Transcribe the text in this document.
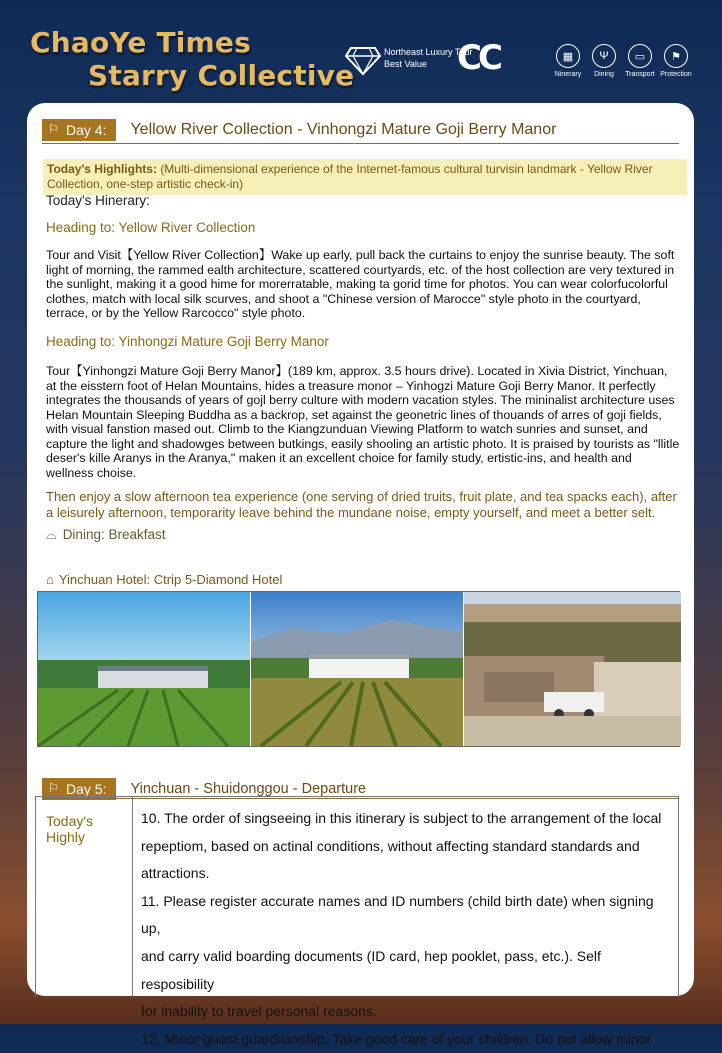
ChaoYe Times
Starry Collective
Northeast Luxury Tour
Best Value CC	▦
Ninerary
Ψ
Dining
▭
Transport
⚑
Protection
⚐ Day 4:	Yellow River Collection - Vinhongzi Mature Goji Berry Manor
Today's Highlights: (Multi-dimensional experience of the Internet-famous cultural turvisin landmark - Yellow River Collection, one-step artistic check-in)
Today's Hinerary:
Heading to: Yellow River Collection
Tour and Visit【Yellow River Collection】Wake up early, pull back the curtains to enjoy the sunrise beauty. The soft light of morning, the rammed ealth architecture, scattered courtyards, etc. of the host collection are very textured in the sunlight, making it a good hime for morerratable, making ta gorid time for photos. You can wear colorfucolorful clothes, match with local silk scurves, and shoot a "Chinese version of Marocce" style photo in the courtyard, terrace, or by the Yellow Rarcocco" style photo.
Heading to: Yinhongzi Mature Goji Berry Manor
Tour【Yinhongzi Mature Goji Berry Manor】(189 km, approx. 3.5 hours drive). Located in Xivia District, Yinchuan, at the eisstern foot of Helan Mountains, hides a treasure monor – Yinhogzi Mature Goji Berry Manor. It perfectly integrates the thousands of years of gojl berry culture with modern vacation styles. The mininalist architecture uses Helan Mountain Sleeping Buddha as a backrop, set against the geonetric lines of thouands of arres of goji fields, with visual fanstion mased out. Climb to the Kiangzunduan Viewing Platform to watch sunries and sunset, and capture the light and shadowges between butkings, easily shooling an artistic photo. It is praised by tourists as "llitle deser's kille Aranys in the Aranya," maken it an excellent choice for family study, ertistic-ins, and health and wellness choise.
Then enjoy a slow afternoon tea experience (one serving of dried truits, fruit plate, and tea spacks each), after a leisurely afternoon, temporarity leave behind the mundane noise, empty yourself, and meet a better selt.
⌓ Dining: Breakfast
⌂ Yinchuan Hotel: Ctrip 5-Diamond Hotel
⚐ Day 5:	Yinchuan - Shuidonggou - Departure
Today's Highly
10. The order of singseeing in this itinerary is subject to the arrangement of the local
repeptiom, based on actinal conditions, without affecting standard standards and attractions.
11. Please register accurate names and ID numbers (child birth date) when signing up,
and carry valid boarding documents (ID card, hep pooklet, pass, etc.). Self resposibility
for inability to travel personal reasons.
12. Minor guest guardiianship. Take good care of your children. Do not allow minor
